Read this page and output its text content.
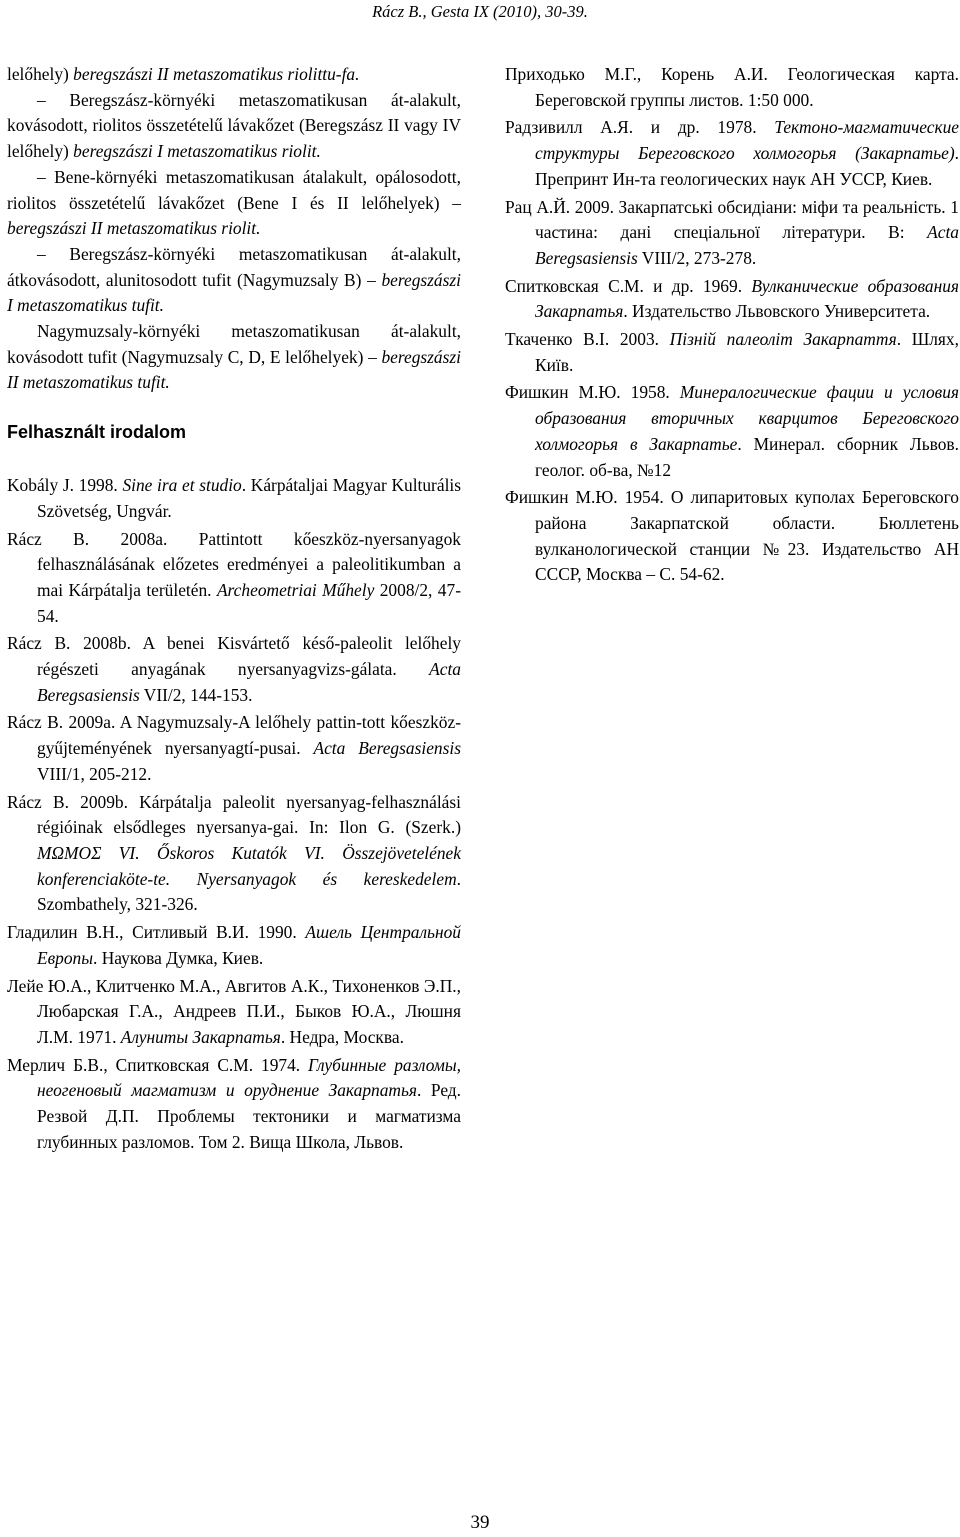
Rácz B., Gesta IX (2010), 30-39.

lelőhely) beregszászi II metaszomatikus riolittu-fa.

– Beregszász-környéki metaszomatikusan át-alakult, kovásodott, riolitos összetételű lávakőzet (Beregszász II vagy IV lelőhely) beregszászi I metaszomatikus riolit.

– Bene-környéki metaszomatikusan átalakult, opálosodott, riolitos összetételű lávakőzet (Bene I és II lelőhelyek) – beregszászi II metaszomatikus riolit.

– Beregszász-környéki metaszomatikusan át-alakult, átkovásodott, alunitosodott tufit (Nagymuzsaly B) – beregszászi I metaszomatikus tufit.

Nagymuzsaly-környéki metaszomatikusan át-alakult, kovásodott tufit (Nagymuzsaly C, D, E lelőhelyek) – beregszászi II metaszomatikus tufit.

Felhasznált irodalom

Kobály J. 1998. Sine ira et studio. Kárpátaljai Magyar Kulturális Szövetség, Ungvár.

Rácz B. 2008a. Pattintott kőeszköz-nyersanyagok felhasználásának előzetes eredményei a paleolitikumban a mai Kárpátalja területén. Archeometriai Műhely 2008/2, 47-54.

Rácz B. 2008b. A benei Kisvártető késő-paleolit lelőhely régészeti anyagának nyersanyagvizs-gálata. Acta Beregsasiensis VII/2, 144-153.

Rácz B. 2009a. A Nagymuzsaly-A lelőhely pattin-tott kőeszköz-gyűjteményének nyersanyagtí-pusai. Acta Beregsasiensis VIII/1, 205-212.

Rácz B. 2009b. Kárpátalja paleolit nyersanyag-felhasználási régióinak elsődleges nyersanya-gai. In: Ilon G. (Szerk.) ΜΩΜΟΣ VI. Őskoros Kutatók VI. Összejövetelének konferenciaköte-te. Nyersanyagok és kereskedelem. Szombathely, 321-326.

Гладилин В.Н., Ситливый В.И. 1990. Ашель Центральной Европы. Наукова Думка, Киев.

Лейе Ю.А., Клитченко М.А., Авгитов А.К., Тихоненков Э.П., Любарская Г.А., Андреев П.И., Быков Ю.А., Люшня Л.М. 1971. Алуниты Закарпатья. Недра, Москва.

Мерлич Б.В., Спитковская С.М. 1974. Глубинные разломы, неогеновый магматизм и оруднение Закарпатья. Ред. Резвой Д.П. Проблемы тектоники и магматизма глубинных разломов. Том 2. Вища Школа, Львов.

Приходько М.Г., Корень А.И. Геологическая карта. Береговской группы листов. 1:50 000.

Радзивилл А.Я. и др. 1978. Тектоно-магматические структуры Береговского холмогорья (Закарпатье). Препринт Ин-та геологических наук АН УССР, Киев.

Рац А.Й. 2009. Закарпатські обсидіани: міфи та реальність. 1 частина: дані спеціальної літератури. В: Acta Beregsasiensis VIII/2, 273-278.

Спитковская С.М. и др. 1969. Вулканические образования Закарпатья. Издательство Львовского Университета.

Ткаченко В.І. 2003. Пізній палеоліт Закарпаття. Шлях, Київ.

Фишкин М.Ю. 1958. Минералогические фации и условия образования вторичных кварцитов Береговского холмогорья в Закарпатье. Минерал. сборник Львов. геолог. об-ва, №12

Фишкин М.Ю. 1954. О липаритовых куполах Береговского района Закарпатской области. Бюллетень вулканологической станции №23. Издательство АН СССР, Москва – С. 54-62.

39
